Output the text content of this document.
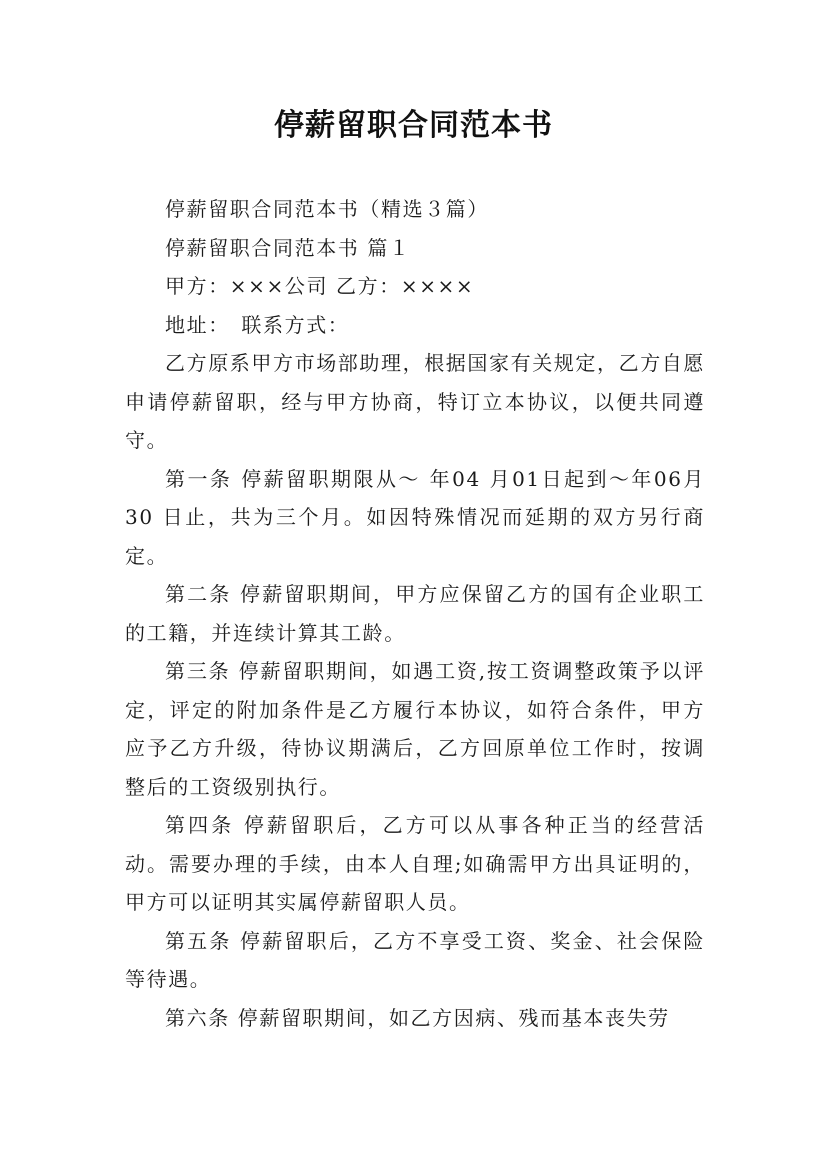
停薪留职合同范本书

停薪留职合同范本书（精选３篇）

停薪留职合同范本书 篇１

甲方：×××公司 乙方：××××

地址：　联系方式：

乙方原系甲方市场部助理，根据国家有关规定，乙方自愿申请停薪留职，经与甲方协商，特订立本协议，以便共同遵守。

第一条 停薪留职期限从～ 年04 月01日起到～年06月30 日止，共为三个月。如因特殊情况而延期的双方另行商定。

第二条 停薪留职期间，甲方应保留乙方的国有企业职工的工籍，并连续计算其工龄。

第三条 停薪留职期间，如遇工资,按工资调整政策予以评定，评定的附加条件是乙方履行本协议，如符合条件，甲方应予乙方升级，待协议期满后，乙方回原单位工作时，按调整后的工资级别执行。

第四条 停薪留职后，乙方可以从事各种正当的经营活动。需要办理的手续，由本人自理;如确需甲方出具证明的，甲方可以证明其实属停薪留职人员。

第五条 停薪留职后，乙方不享受工资、奖金、社会保险等待遇。

第六条 停薪留职期间，如乙方因病、残而基本丧失劳
